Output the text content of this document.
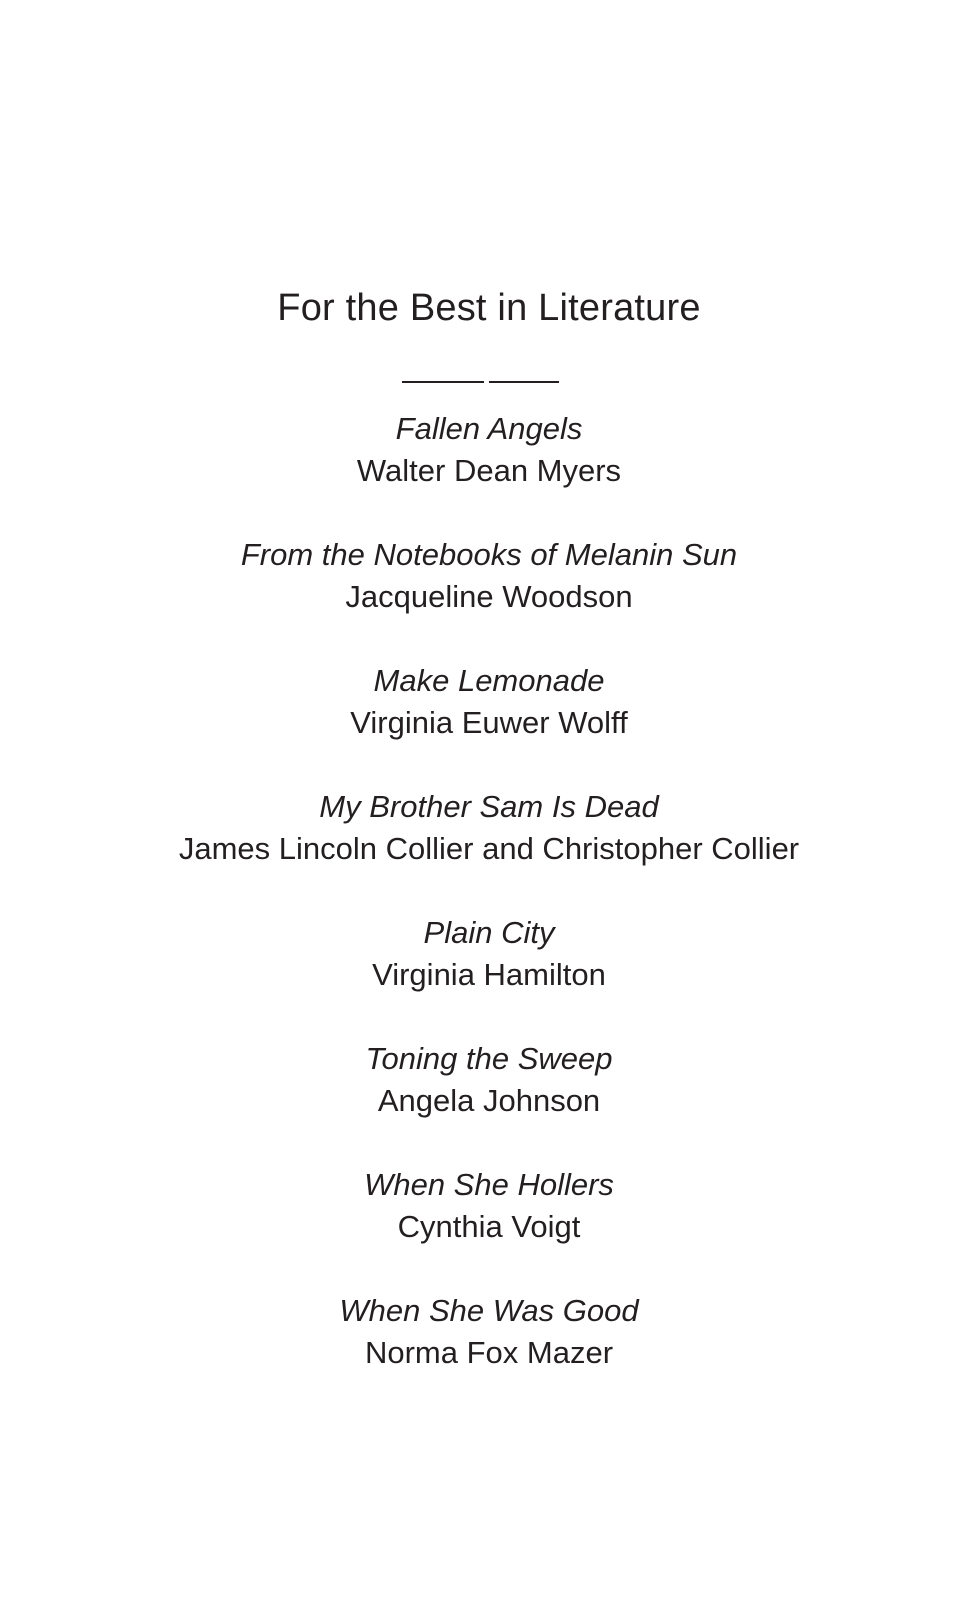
For the Best in Literature
Fallen Angels
Walter Dean Myers
From the Notebooks of Melanin Sun
Jacqueline Woodson
Make Lemonade
Virginia Euwer Wolff
My Brother Sam Is Dead
James Lincoln Collier and Christopher Collier
Plain City
Virginia Hamilton
Toning the Sweep
Angela Johnson
When She Hollers
Cynthia Voigt
When She Was Good
Norma Fox Mazer
